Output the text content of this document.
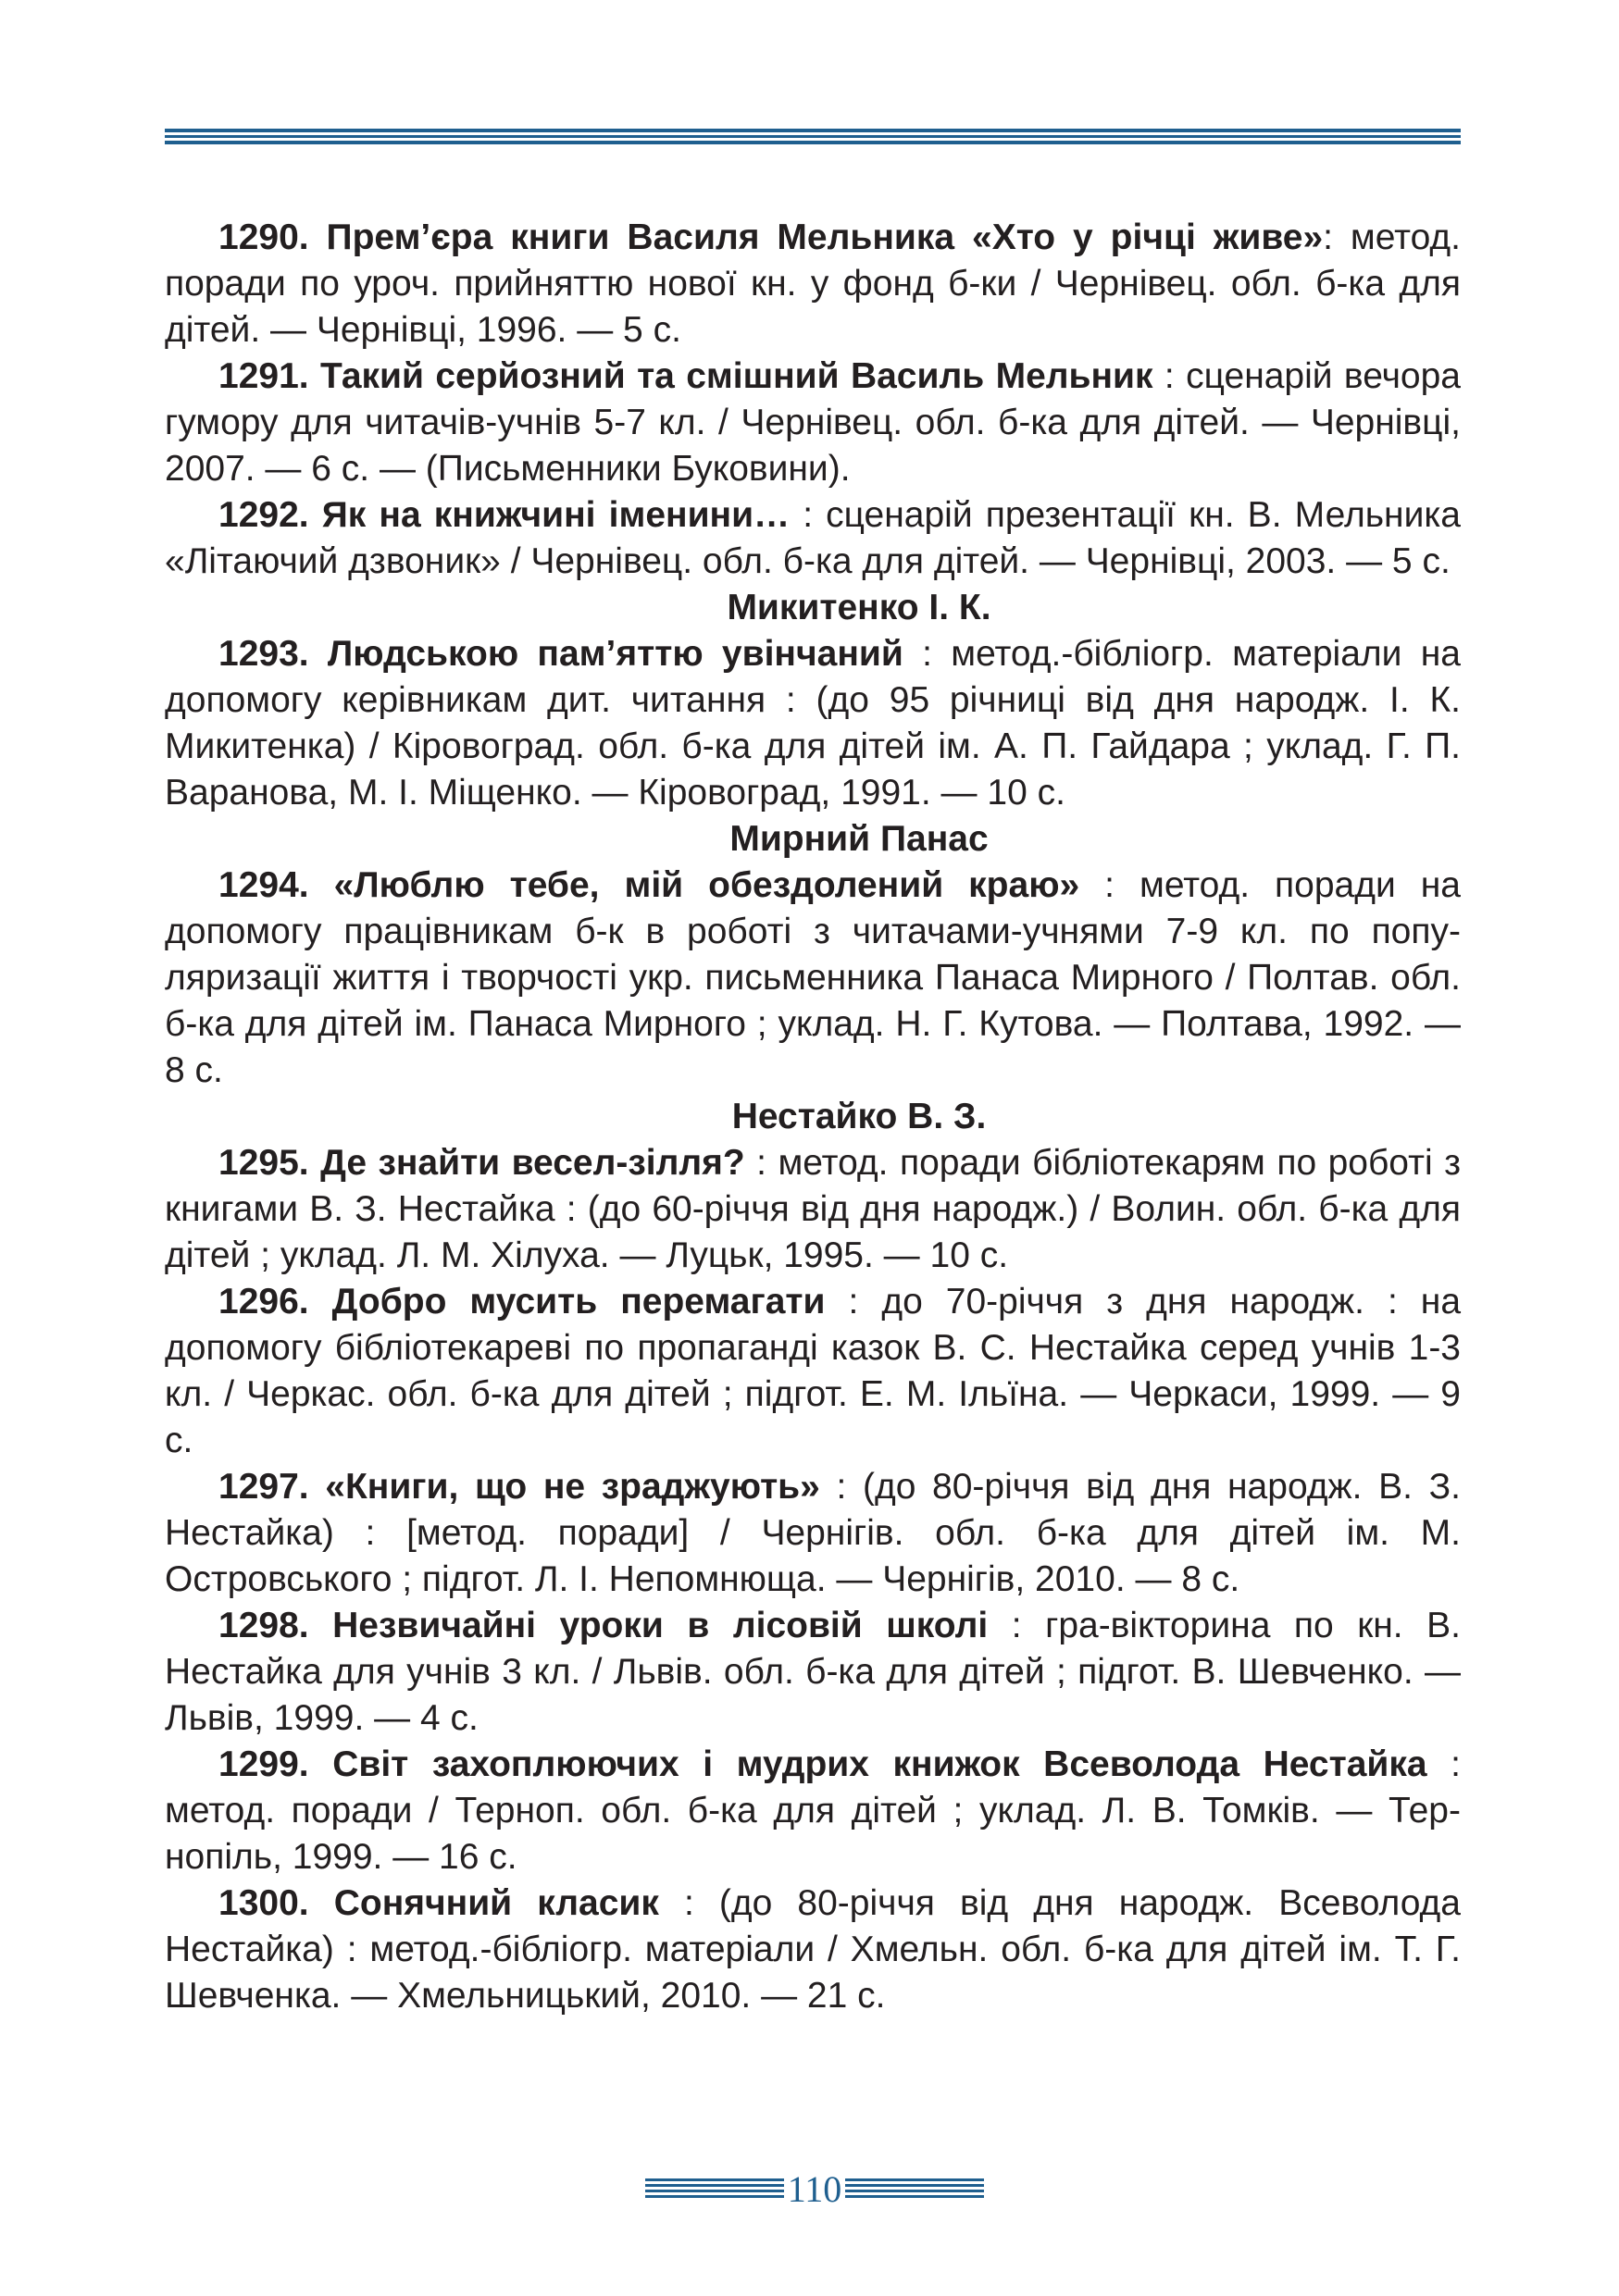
1290. Прем’єра книги Василя Мельника «Хто у річці живе»: метод. поради по уроч. прийняттю нової кн. у фонд б-ки / Чернівец. обл. б-ка для дітей. — Чернівці, 1996. — 5 с.

1291. Такий серйозний та смішний Василь Мельник : сценарій вечора гумору для читачів-учнів 5-7 кл. / Чернівец. обл. б-ка для дітей. — Чернівці, 2007. — 6 с. — (Письменники Буковини).

1292. Як на книжчині іменини… : сценарій презентації кн. В. Мельника «Літаючий дзвоник» / Чернівец. обл. б-ка для дітей. — Чернівці, 2003. — 5 с.

Микитенко І. К.

1293. Людською пам’яттю увінчаний : метод.-бібліогр. матеріали на допомогу керівникам дит. читання : (до 95 річниці від дня народж. І. К. Микитенка) / Кіровоград. обл. б-ка для дітей ім. А. П. Гайдара ; уклад. Г. П. Варанова, М. І. Міщенко. — Кіровоград, 1991. — 10 с.

Мирний Панас

1294. «Люблю тебе, мій обездолений краю» : метод. поради на допомогу працівникам б-к в роботі з читачами-учнями 7-9 кл. по популяризації життя і творчості укр. письменника Панаса Мирного / Полтав. обл. б-ка для дітей ім. Панаса Мирного ; уклад. Н. Г. Кутова. — Полтава, 1992. — 8 с.

Нестайко В. З.

1295. Де знайти весел-зілля? : метод. поради бібліотекарям по роботі з книгами В. З. Нестайка : (до 60-річчя від дня народж.) / Волин. обл. б-ка для дітей ; уклад. Л. М. Хілуха. — Луцьк, 1995. — 10 с.

1296. Добро мусить перемагати : до 70-річчя з дня народж. : на допомогу бібліотекареві по пропаганді казок В. С. Нестайка серед учнів 1-3 кл. / Черкас. обл. б-ка для дітей ; підгот. Е. М. Ільїна. — Черкаси, 1999. — 9 с.

1297. «Книги, що не зраджують» : (до 80-річчя від дня народж. В. З. Нестайка) : [метод. поради] / Чернігів. обл. б-ка для дітей ім. М. Островського ; підгот. Л. І. Непомнюща. — Чернігів, 2010. — 8 с.

1298. Незвичайні уроки в лісовій школі : гра-вікторина по кн. В. Нестайка для учнів 3 кл. / Львів. обл. б-ка для дітей ; підгот. В. Шевченко. — Львів, 1999. — 4 с.

1299. Світ захоплюючих і мудрих книжок Всеволода Нестайка : метод. поради / Терноп. обл. б-ка для дітей ; уклад. Л. В. Томків. — Тернопіль, 1999. — 16 с.

1300. Сонячний класик : (до 80-річчя від дня народж. Всеволода Нестайка) : метод.-бібліогр. матеріали / Хмельн. обл. б-ка для дітей ім. Т. Г. Шевченка. — Хмельницький, 2010. — 21 с.

110
